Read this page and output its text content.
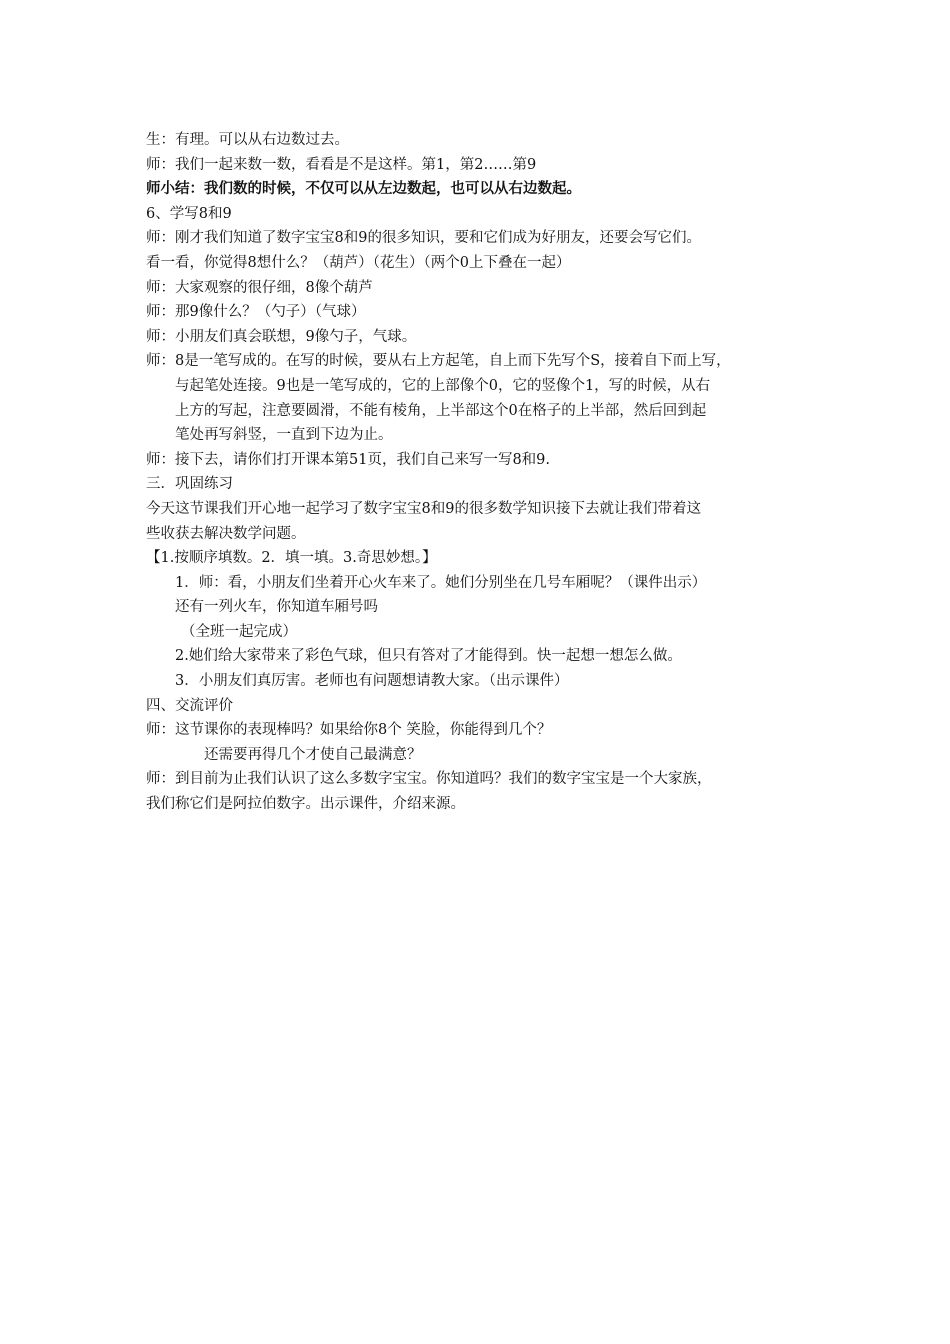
生：有理。可以从右边数过去。
师：我们一起来数一数，看看是不是这样。第1，第2……第9
师小结：我们数的时候，不仅可以从左边数起，也可以从右边数起。
6、学写8和9
师：刚才我们知道了数字宝宝8和9的很多知识，要和它们成为好朋友，还要会写它们。
看一看，你觉得8想什么？（葫芦）（花生）（两个0上下叠在一起）
师：大家观察的很仔细，8像个葫芦
师：那9像什么？（勺子）（气球）
师：小朋友们真会联想，9像勺子，气球。
师：8是一笔写成的。在写的时候，要从右上方起笔，自上而下先写个S，接着自下而上写，
与起笔处连接。9也是一笔写成的，它的上部像个0，它的竖像个1，写的时候，从右
上方的写起，注意要圆滑，不能有棱角，上半部这个0在格子的上半部，然后回到起
笔处再写斜竖，一直到下边为止。
师：接下去，请你们打开课本第51页，我们自己来写一写8和9.
三．巩固练习
今天这节课我们开心地一起学习了数字宝宝8和9的很多数学知识接下去就让我们带着这
些收获去解决数学问题。
【1.按顺序填数。2．填一填。3.奇思妙想。】
1．师：看，小朋友们坐着开心火车来了。她们分别坐在几号车厢呢？（课件出示）
还有一列火车，你知道车厢号吗
（全班一起完成）
2.她们给大家带来了彩色气球，但只有答对了才能得到。快一起想一想怎么做。
3．小朋友们真厉害。老师也有问题想请教大家。（出示课件）
四、交流评价
师：这节课你的表现棒吗？如果给你8个 笑脸，你能得到几个？
还需要再得几个才使自己最满意？
师：到目前为止我们认识了这么多数字宝宝。你知道吗？我们的数字宝宝是一个大家族，
我们称它们是阿拉伯数字。出示课件，介绍来源。
